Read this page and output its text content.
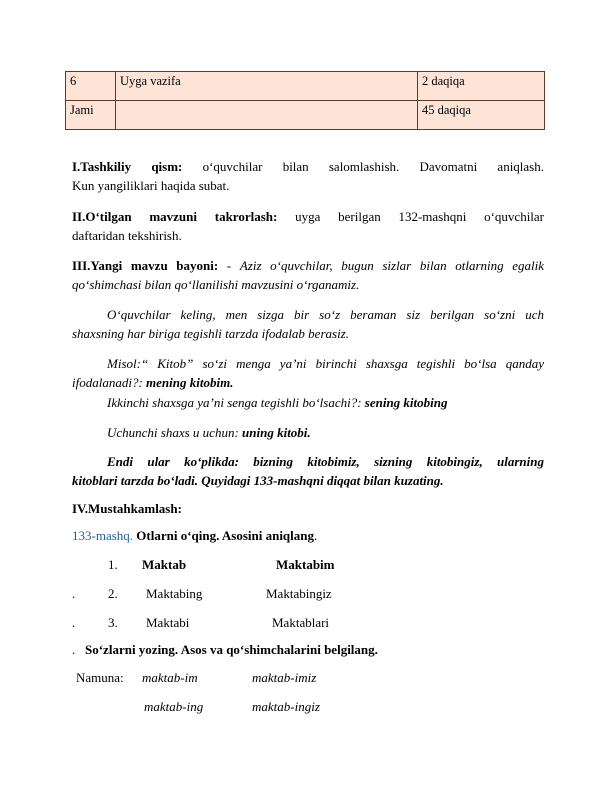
6	Uyga vazifa	2 daqiqa
Jami		45 daqiqa
I.Tashkiliy qism: o‘quvchilar bilan salomlashish. Davomatni aniqlash.
Kun yangiliklari haqida subat.
II.O‘tilgan mavzuni takrorlash: uyga berilgan 132-mashqni o‘quvchilar
daftaridan tekshirish.
III.Yangi mavzu bayoni: - Aziz o‘quvchilar, bugun sizlar bilan otlarning egalik
qo‘shimchasi bilan qo‘llanilishi mavzusini o‘rganamiz.
O‘quvchilar keling, men sizga bir so‘z beraman siz berilgan so‘zni uch
shaxsning har biriga tegishli tarzda ifodalab berasiz.
Misol:“ Kitob” so‘zi menga ya’ni birinchi shaxsga tegishli bo‘lsa qanday
ifodalanadi?: mening kitobim.
Ikkinchi shaxsga ya’ni senga tegishli bo‘lsachi?: sening kitobing
Uchunchi shaxs u uchun: uning kitobi.
Endi ular ko‘plikda: bizning kitobimiz, sizning kitobingiz, ularning
kitoblari tarzda bo‘ladi. Quyidagi 133-mashqni diqqat bilan kuzating.
IV.Mustahkamlash:
133-mashq. Otlarni o‘qing. Asosini aniqlang.
1. Maktab	Maktabim
.	2. Maktabing	Maktabingiz
.	3. Maktabi	Maktablari
. So‘zlarni yozing. Asos va qo‘shimchalarini belgilang.
Namuna: maktab-im	maktab-imiz
maktab-ing	maktab-ingiz
